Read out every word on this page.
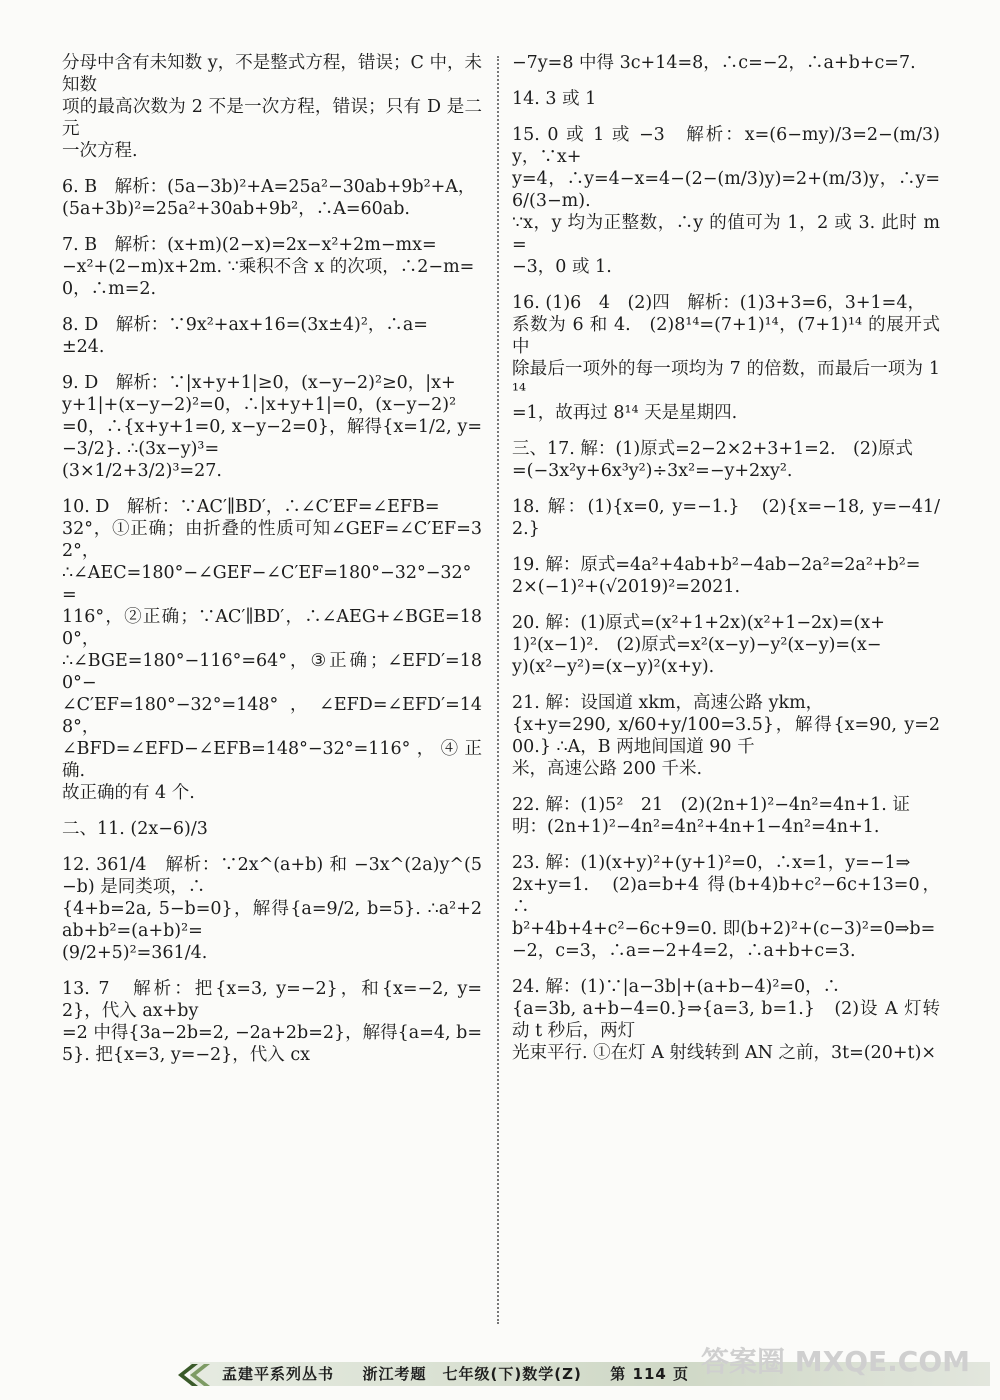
分母中含有未知数 y，不是整式方程，错误；C 中，未知数
项的最高次数为 2 不是一次方程，错误；只有 D 是二元
一次方程.
6. B　解析：(5a−3b)²+A=25a²−30ab+9b²+A，
(5a+3b)²=25a²+30ab+9b²，∴A=60ab.
7. B　解析：(x+m)(2−x)=2x−x²+2m−mx=
−x²+(2−m)x+2m. ∵乘积不含 x 的次项，∴2−m=
0，∴m=2.
8. D　解析：∵9x²+ax+16=(3x±4)²，∴a=
±24.
9. D　解析：∵|x+y+1|≥0，(x−y−2)²≥0，|x+
y+1|+(x−y−2)²=0，∴|x+y+1|=0，(x−y−2)²
=0，∴{x+y+1=0, x−y−2=0}，解得{x=1/2, y=−3/2}. ∴(3x−y)³=
(3×1/2+3/2)³=27.
10. D　解析：∵AC′∥BD′，∴∠C′EF=∠EFB=
32°，①正确；由折叠的性质可知∠GEF=∠C′EF=32°，
∴∠AEC=180°−∠GEF−∠C′EF=180°−32°−32°=
116°，②正确；∵AC′∥BD′，∴∠AEG+∠BGE=180°，
∴∠BGE=180°−116°=64°，③正确；∠EFD′=180°−
∠C′EF=180°−32°=148°，∠EFD=∠EFD′=148°，
∠BFD=∠EFD−∠EFB=148°−32°=116°，④正确.
故正确的有 4 个.
二、11. (2x−6)/3
12. 361/4　解析：∵2x^(a+b) 和 −3x^(2a)y^(5−b) 是同类项，∴
{4+b=2a, 5−b=0}，解得{a=9/2, b=5}. ∴a²+2ab+b²=(a+b)²=
(9/2+5)²=361/4.
13. 7　解析：把{x=3, y=−2}，和{x=−2, y=2}，代入 ax+by
=2 中得{3a−2b=2, −2a+2b=2}，解得{a=4, b=5}. 把{x=3, y=−2}，代入 cx
−7y=8 中得 3c+14=8，∴c=−2，∴a+b+c=7.
14. 3 或 1
15. 0 或 1 或 −3　解析：x=(6−my)/3=2−(m/3)y，∵x+
y=4，∴y=4−x=4−(2−(m/3)y)=2+(m/3)y，∴y=6/(3−m).
∵x，y 均为正整数，∴y 的值可为 1，2 或 3. 此时 m=
−3，0 或 1.
16. (1)6　4　(2)四　解析：(1)3+3=6，3+1=4，
系数为 6 和 4.　(2)8¹⁴=(7+1)¹⁴，(7+1)¹⁴ 的展开式中
除最后一项外的每一项均为 7 的倍数，而最后一项为 1¹⁴
=1，故再过 8¹⁴ 天是星期四.
三、17. 解：(1)原式=2−2×2+3+1=2.　(2)原式
=(−3x²y+6x³y²)÷3x²=−y+2xy².
18. 解：(1){x=0, y=−1.}　(2){x=−18, y=−41/2.}
19. 解：原式=4a²+4ab+b²−4ab−2a²=2a²+b²=
2×(−1)²+(√2019)²=2021.
20. 解：(1)原式=(x²+1+2x)(x²+1−2x)=(x+
1)²(x−1)².　(2)原式=x²(x−y)−y²(x−y)=(x−
y)(x²−y²)=(x−y)²(x+y).
21. 解：设国道 xkm，高速公路 ykm，
{x+y=290, x/60+y/100=3.5}，解得{x=90, y=200.} ∴A，B 两地间国道 90 千
米，高速公路 200 千米.
22. 解：(1)5²　21　(2)(2n+1)²−4n²=4n+1. 证
明：(2n+1)²−4n²=4n²+4n+1−4n²=4n+1.
23. 解：(1)(x+y)²+(y+1)²=0，∴x=1，y=−1⇒
2x+y=1.　(2)a=b+4 得(b+4)b+c²−6c+13=0，∴
b²+4b+4+c²−6c+9=0. 即(b+2)²+(c−3)²=0⇒b=
−2，c=3，∴a=−2+4=2，∴a+b+c=3.
24. 解：(1)∵|a−3b|+(a+b−4)²=0，∴
{a=3b, a+b−4=0.}⇒{a=3, b=1.}　(2)设 A 灯转动 t 秒后，两灯
光束平行. ①在灯 A 射线转到 AN 之前，3t=(20+t)×
孟建平系列丛书 　 浙江考题　七年级(下)数学(Z) 　 第 114 页 答案圈 MXQE.COM
